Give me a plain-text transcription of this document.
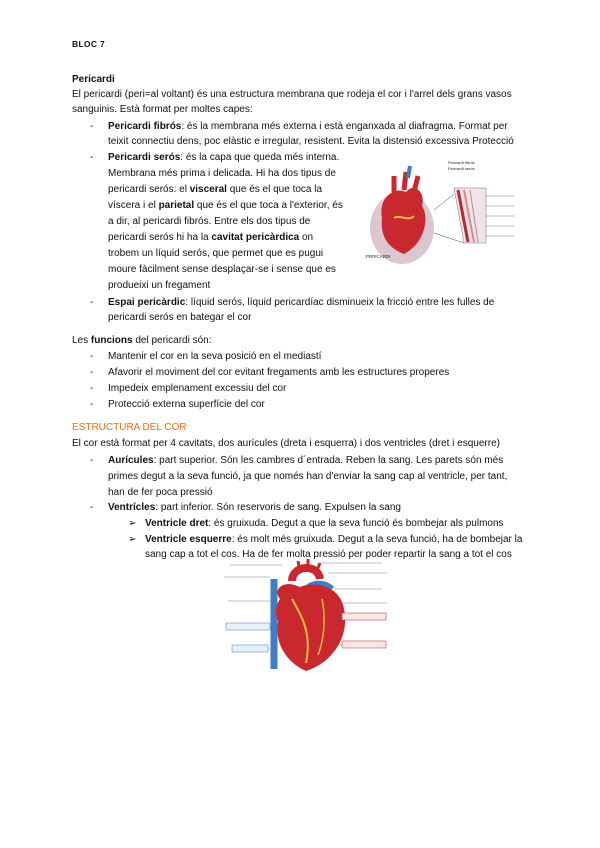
BLOC 7
Pericardi
El pericardi (peri=al voltant) és una estructura membrana que rodeja el cor i l'arrel dels grans vasos
sanguinis. Està format per moltes capes:
- Pericardi fibrós: és la membrana més externa i està enganxada al diafragma. Format per
teixit connectiu dens, poc elàstic e irregular, resistent. Evita la distensió excessiva Protecció
- Pericardi serós: és la capa que queda més interna.
Membrana més prima i delicada. Hi ha dos tipus de
pericardi serós: el visceral que és el que toca la
víscera i el parietal que és el que toca a l'exterior, és
a dir, al pericardi fibrós. Entre els dos tipus de
pericardi serós hi ha la cavitat pericàrdica on
trobem un líquid serós, que permet que es pugui
moure fàcilment sense desplaçar-se i sense que es
produeixi un fregament
- Espai pericàrdic: líquid serós, líquid pericardíac disminueix la fricció entre les fulles de
pericardi serós en bategar el cor
Pericardi fibrós
Pericardi serós
PERICARDI
Les funcions del pericardi són:
- Mantenir el cor en la seva posició en el mediastí
- Afavorir el moviment del cor evitant fregaments amb les estructures properes
- Impedeix emplenament excessiu del cor
- Protecció externa superfície del cor
ESTRUCTURA DEL COR
El cor està format per 4 cavitats, dos aurícules (dreta i esquerra) i dos ventricles (dret i esquerre)
- Aurícules: part superior. Són les cambres d´entrada. Reben la sang. Les parets són més
primes degut a la seva funció, ja que només han d'enviar la sang cap al ventricle, per tant,
han de fer poca pressió
- Ventrícles: part inferior. Són reservoris de sang. Expulsen la sang
➢ Ventricle dret: és gruixuda. Degut a que la seva funció és bombejar als pulmons
➢ Ventricle esquerre: és molt més gruixuda. Degut a la seva funció, ha de bombejar la
sang cap a tot el cos. Ha de fer molta pressió per poder repartir la sang a tot el cos
